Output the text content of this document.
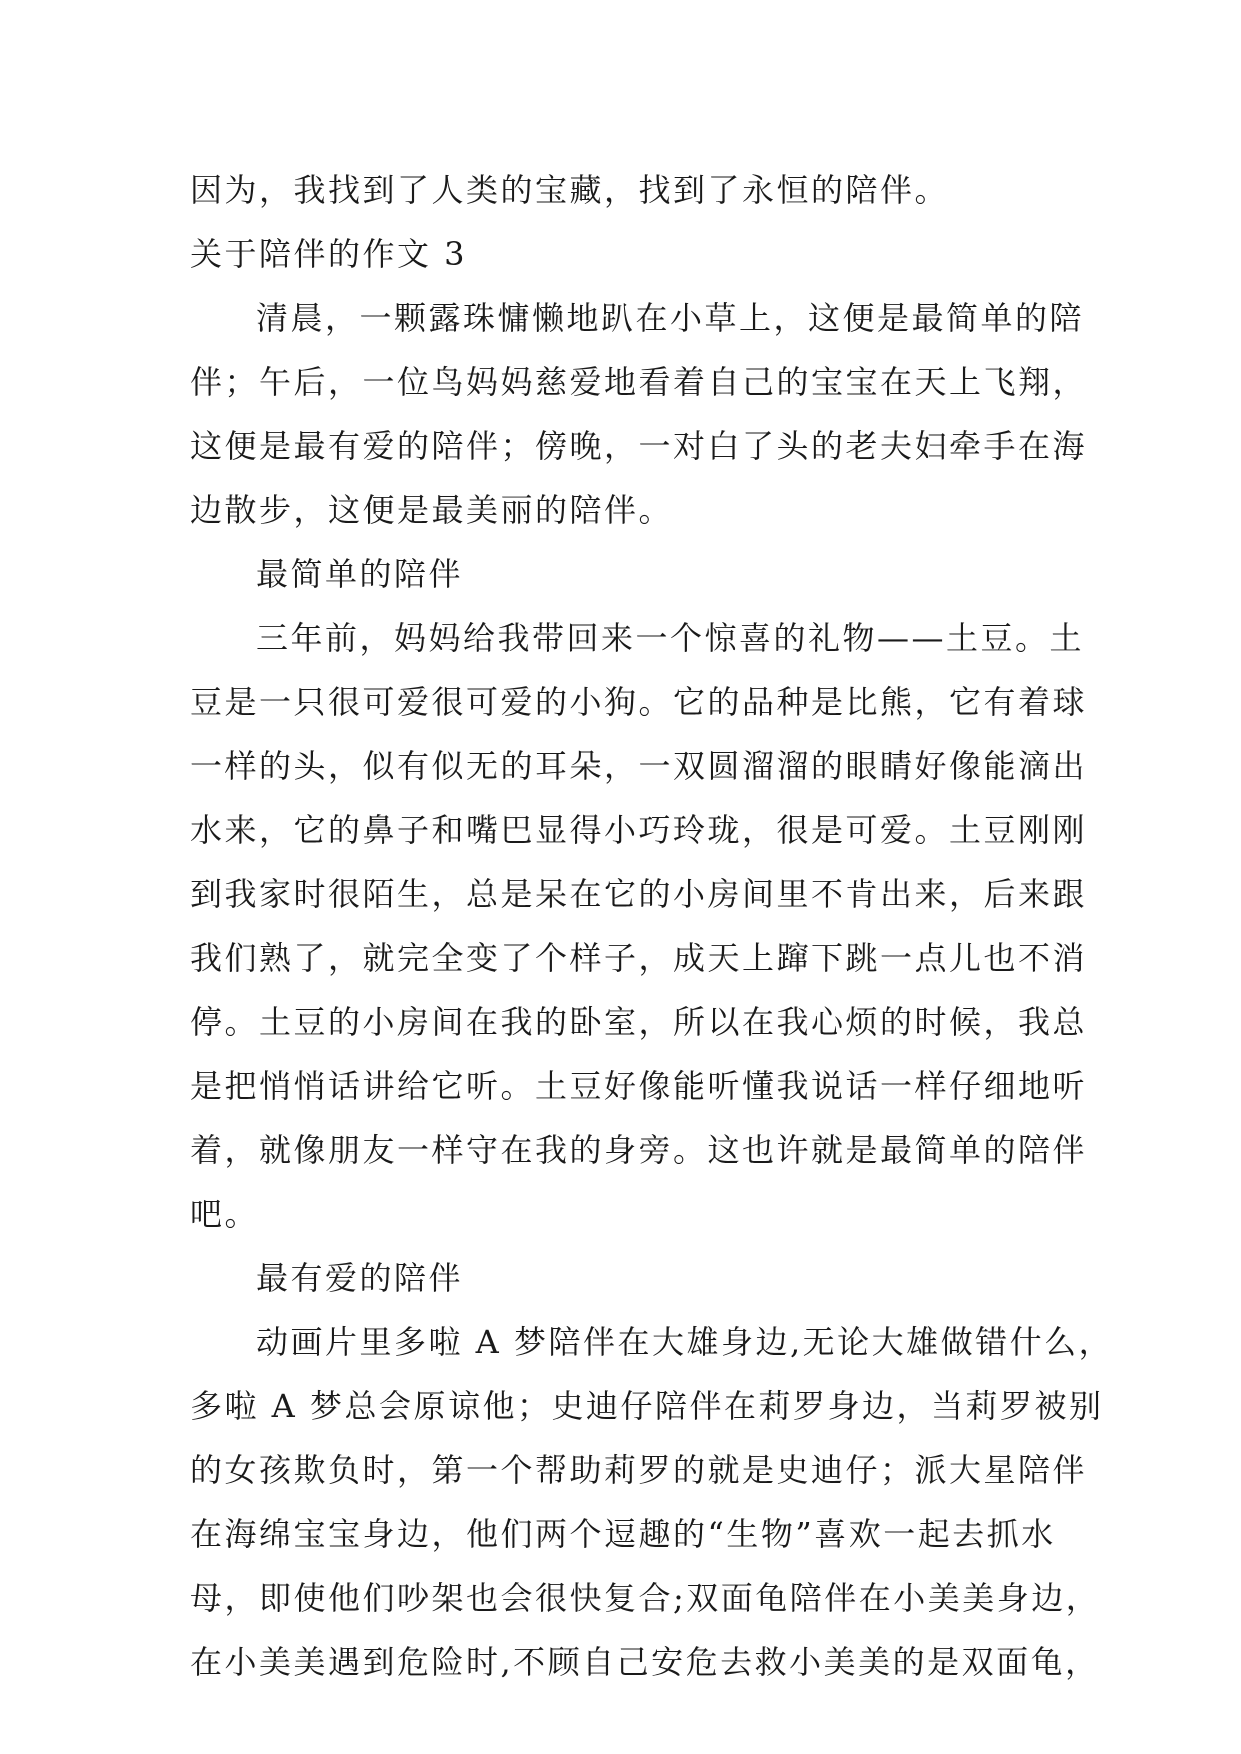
因为，我找到了人类的宝藏，找到了永恒的陪伴。
关于陪伴的作文 3
清晨，一颗露珠慵懒地趴在小草上，这便是最简单的陪
伴；午后，一位鸟妈妈慈爱地看着自己的宝宝在天上飞翔，
这便是最有爱的陪伴；傍晚，一对白了头的老夫妇牵手在海
边散步，这便是最美丽的陪伴。
最简单的陪伴
三年前，妈妈给我带回来一个惊喜的礼物——土豆。土
豆是一只很可爱很可爱的小狗。它的品种是比熊，它有着球
一样的头，似有似无的耳朵，一双圆溜溜的眼睛好像能滴出
水来，它的鼻子和嘴巴显得小巧玲珑，很是可爱。土豆刚刚
到我家时很陌生，总是呆在它的小房间里不肯出来，后来跟
我们熟了，就完全变了个样子，成天上蹿下跳一点儿也不消
停。土豆的小房间在我的卧室，所以在我心烦的时候，我总
是把悄悄话讲给它听。土豆好像能听懂我说话一样仔细地听
着，就像朋友一样守在我的身旁。这也许就是最简单的陪伴
吧。
最有爱的陪伴
动画片里多啦 A 梦陪伴在大雄身边,无论大雄做错什么，
多啦 A 梦总会原谅他；史迪仔陪伴在莉罗身边，当莉罗被别
的女孩欺负时，第一个帮助莉罗的就是史迪仔；派大星陪伴
在海绵宝宝身边，他们两个逗趣的“生物”喜欢一起去抓水
母，即使他们吵架也会很快复合;双面龟陪伴在小美美身边，
在小美美遇到危险时,不顾自己安危去救小美美的是双面龟，
